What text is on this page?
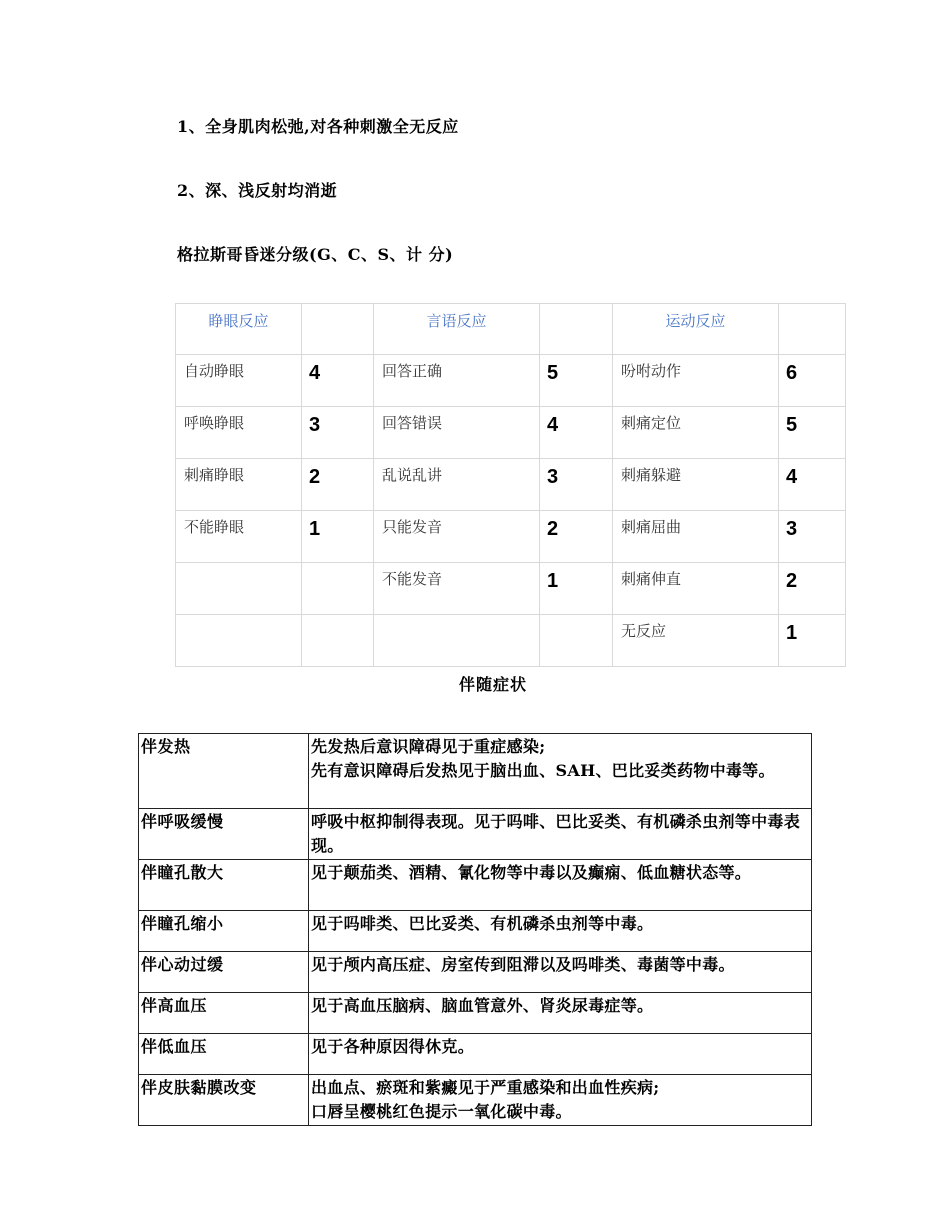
1、全身肌肉松弛,对各种刺激全无反应
2、深、浅反射均消逝
格拉斯哥昏迷分级(G、C、S、计 分)
睁眼反应		言语反应		运动反应	
自动睁眼	4	回答正确	5	吩咐动作	6
呼唤睁眼	3	回答错误	4	刺痛定位	5
刺痛睁眼	2	乱说乱讲	3	刺痛躲避	4
不能睁眼	1	只能发音	2	刺痛屈曲	3
		不能发音	1	刺痛伸直	2
				无反应	1
伴随症状
伴发热	先发热后意识障碍见于重症感染;
先有意识障碍后发热见于脑出血、SAH、巴比妥类药物中毒等。

伴呼吸缓慢	呼吸中枢抑制得表现。见于吗啡、巴比妥类、有机磷杀虫剂等中毒表现。

伴瞳孔散大	见于颠茄类、酒精、氰化物等中毒以及癫痫、低血糖状态等。

伴瞳孔缩小	见于吗啡类、巴比妥类、有机磷杀虫剂等中毒。

伴心动过缓	见于颅内高压症、房室传到阻滞以及吗啡类、毒菌等中毒。

伴高血压	见于高血压脑病、脑血管意外、肾炎尿毒症等。

伴低血压	见于各种原因得休克。

伴皮肤黏膜改变	出血点、瘀斑和紫癜见于严重感染和出血性疾病;
口唇呈樱桃红色提示一氧化碳中毒。
